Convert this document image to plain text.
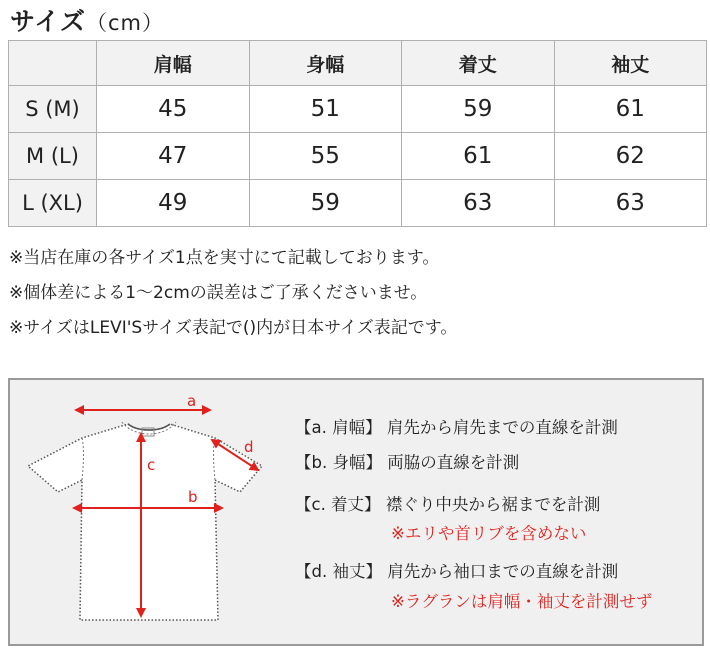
サイズ（cm）
	肩幅	身幅	着丈	袖丈
S (M)	45	51	59	61
M (L)	47	55	61	62
L (XL)	49	59	63	63
※当店在庫の各サイズ1点を実寸にて記載しております。
※個体差による1～2cmの誤差はご了承くださいませ。
※サイズはLEVI'Sサイズ表記で()内が日本サイズ表記です。
a
d
c
b
【a. 肩幅】 肩先から肩先までの直線を計測
【b. 身幅】 両脇の直線を計測
【c. 着丈】 襟ぐり中央から裾までを計測
※エリや首リブを含めない
【d. 袖丈】 肩先から袖口までの直線を計測
※ラグランは肩幅・袖丈を計測せず
